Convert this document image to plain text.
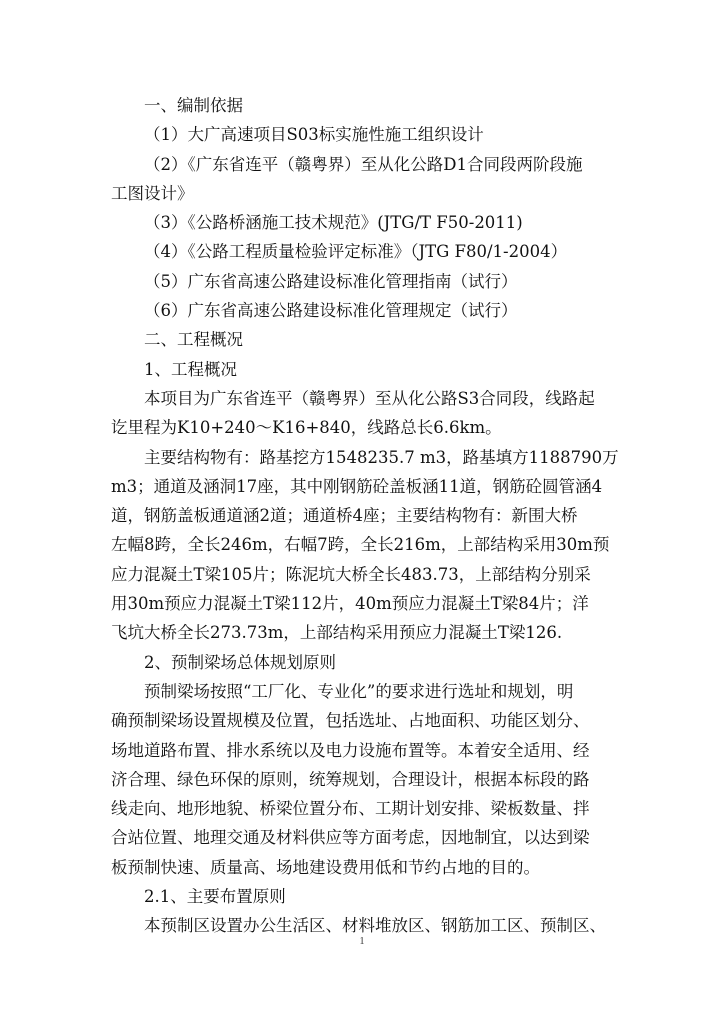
一、编制依据
（1）大广高速项目S03标实施性施工组织设计
（2）《广东省连平（赣粤界）至从化公路D1合同段两阶段施
工图设计》
（3）《公路桥涵施工技术规范》(JTG/T F50-2011)
（4）《公路工程质量检验评定标准》（JTG F80/1-2004）
（5）广东省高速公路建设标准化管理指南（试行）
（6）广东省高速公路建设标准化管理规定（试行）
二、工程概况
1、工程概况
本项目为广东省连平（赣粤界）至从化公路S3合同段，线路起
讫里程为K10+240～K16+840，线路总长6.6km。
主要结构物有：路基挖方1548235.7 m3，路基填方1188790万
m3；通道及涵洞17座，其中刚钢筋砼盖板涵11道，钢筋砼圆管涵4
道，钢筋盖板通道涵2道；通道桥4座；主要结构物有：新围大桥
左幅8跨，全长246m，右幅7跨，全长216m，上部结构采用30m预
应力混凝土T梁105片；陈泥坑大桥全长483.73，上部结构分别采
用30m预应力混凝土T梁112片，40m预应力混凝土T梁84片；洋
飞坑大桥全长273.73m，上部结构采用预应力混凝土T梁126.
2、预制梁场总体规划原则
预制梁场按照“工厂化、专业化”的要求进行选址和规划，明
确预制梁场设置规模及位置，包括选址、占地面积、功能区划分、
场地道路布置、排水系统以及电力设施布置等。本着安全适用、经
济合理、绿色环保的原则，统筹规划，合理设计，根据本标段的路
线走向、地形地貌、桥梁位置分布、工期计划安排、梁板数量、拌
合站位置、地理交通及材料供应等方面考虑，因地制宜，以达到梁
板预制快速、质量高、场地建设费用低和节约占地的目的。
2.1、主要布置原则
本预制区设置办公生活区、材料堆放区、钢筋加工区、预制区、
1
